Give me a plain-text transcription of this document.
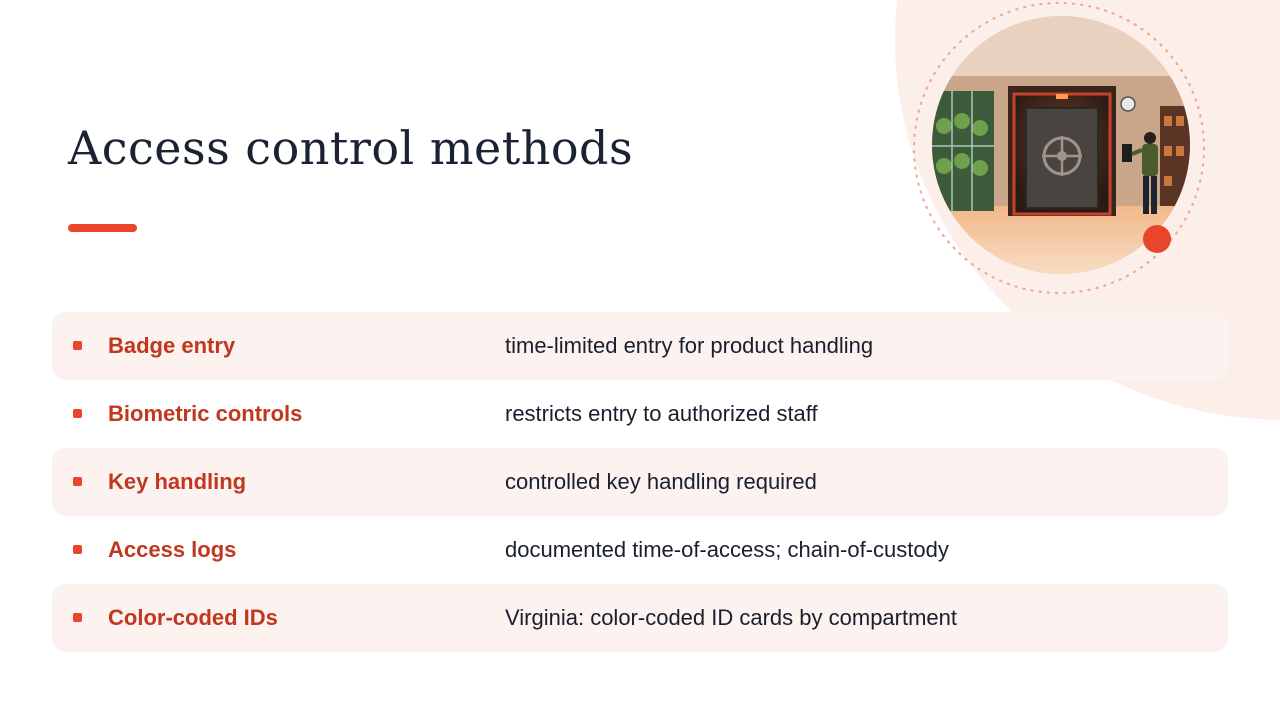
Access control methods
Badge entry	time-limited entry for product handling
Biometric controls	restricts entry to authorized staff
Key handling	controlled key handling required
Access logs	documented time-of-access; chain-of-custody
Color-coded IDs	Virginia: color-coded ID cards by compartment
